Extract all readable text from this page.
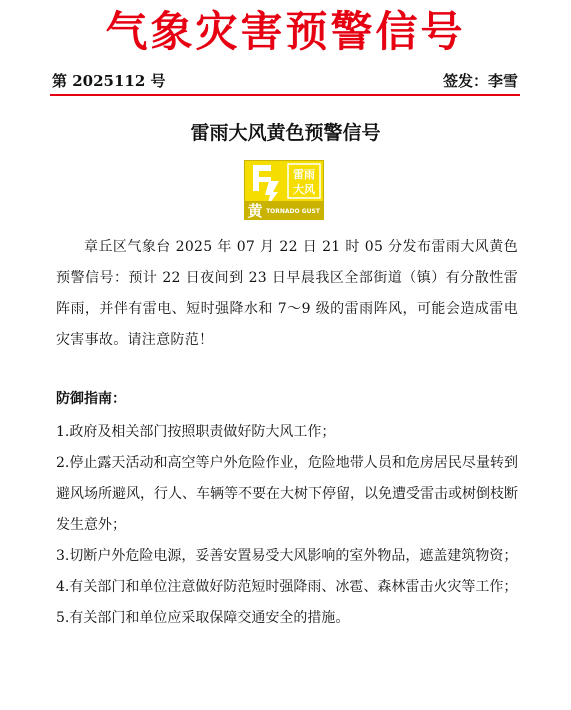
气象灾害预警信号
第 2025112 号	签发：李雪
雷雨大风黄色预警信号
雷雨
大风
黄 TORNADO GUST

章丘区气象台 2025 年 07 月 22 日 21 时 05 分发布雷雨大风黄色预警信号：预计 22 日夜间到 23 日早晨我区全部街道（镇）有分散性雷阵雨，并伴有雷电、短时强降水和 7～9 级的雷雨阵风，可能会造成雷电灾害事故。请注意防范！

防御指南：

1.政府及相关部门按照职责做好防大风工作；
2.停止露天活动和高空等户外危险作业，危险地带人员和危房居民尽量转到避风场所避风，行人、车辆等不要在大树下停留，以免遭受雷击或树倒枝断发生意外；
3.切断户外危险电源，妥善安置易受大风影响的室外物品，遮盖建筑物资；
4.有关部门和单位注意做好防范短时强降雨、冰雹、森林雷击火灾等工作；
5.有关部门和单位应采取保障交通安全的措施。
